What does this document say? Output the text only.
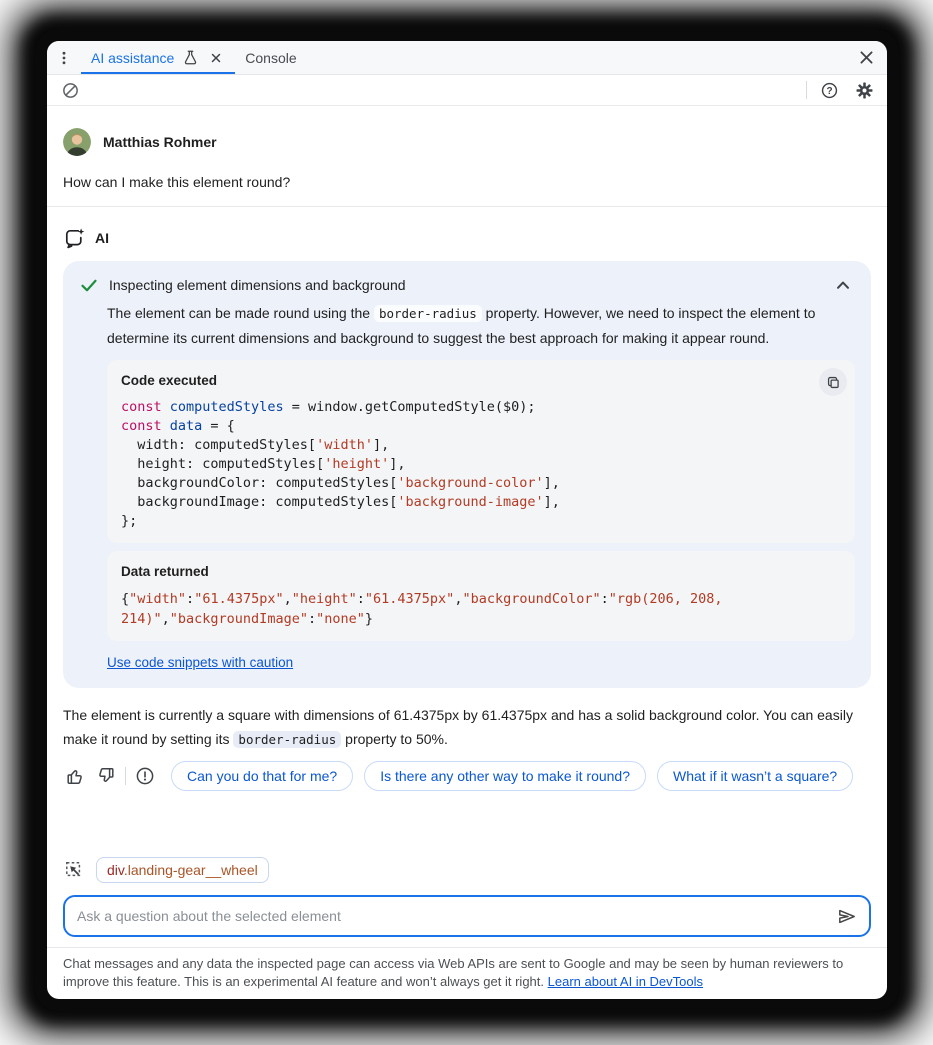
AI assistance	Console
?
Matthias Rohmer
How can I make this element round?
AI
Inspecting element dimensions and background
The element can be made round using the border-radius property. However, we need to inspect the element to determine its current dimensions and background to suggest the best approach for making it appear round.
Code executed
const computedStyles = window.getComputedStyle($0);
const data = {
width: computedStyles['width'],
height: computedStyles['height'],
backgroundColor: computedStyles['background-color'],
backgroundImage: computedStyles['background-image'],
};
Data returned
{"width":"61.4375px","height":"61.4375px","backgroundColor":"rgb(206, 208, 214)","backgroundImage":"none"}
Use code snippets with caution
The element is currently a square with dimensions of 61.4375px by 61.4375px and has a solid background color. You can easily make it round by setting its border-radius property to 50%.
Can you do that for me?	Is there any other way to make it round?	What if it wasn’t a square?
div.landing-gear__wheel
Ask a question about the selected element
Chat messages and any data the inspected page can access via Web APIs are sent to Google and may be seen by human reviewers to improve this feature. This is an experimental AI feature and won’t always get it right. Learn about AI in DevTools
